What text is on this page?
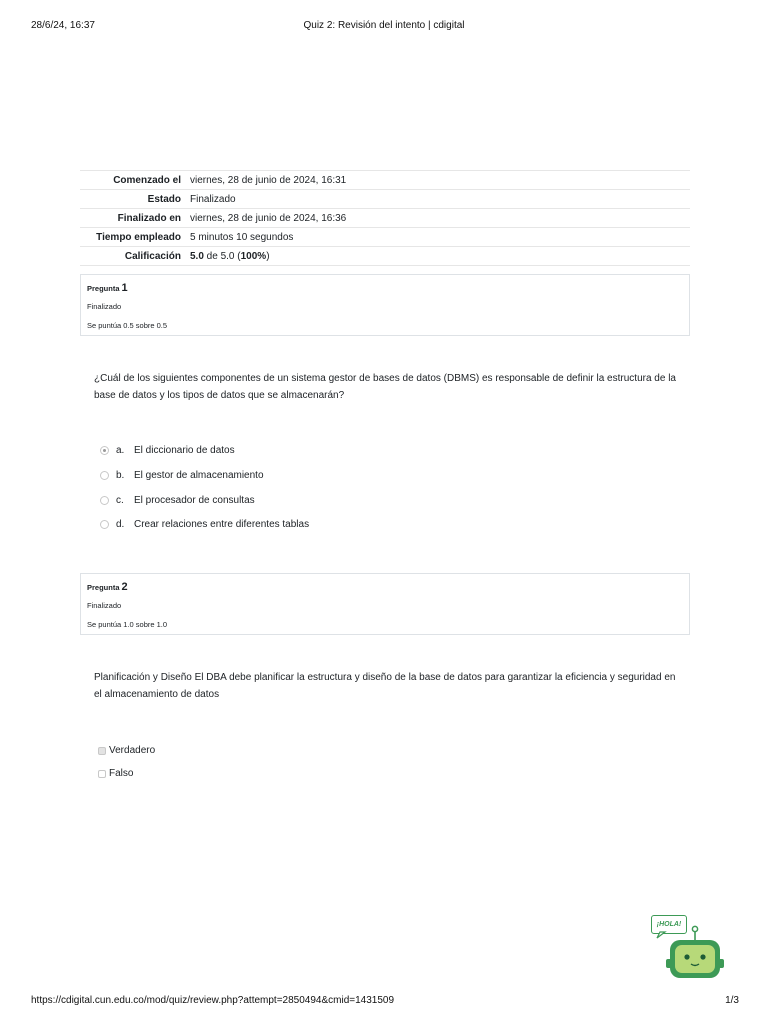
28/6/24, 16:37	Quiz 2: Revisión del intento | cdigital
Comenzado el	viernes, 28 de junio de 2024, 16:31
Estado	Finalizado
Finalizado en	viernes, 28 de junio de 2024, 16:36
Tiempo empleado	5 minutos 10 segundos
Calificación	5.0 de 5.0 (100%)
Pregunta 1
Finalizado
Se puntúa 0.5 sobre 0.5
¿Cuál de los siguientes componentes de un sistema gestor de bases de datos (DBMS) es responsable de definir la estructura de la base de datos y los tipos de datos que se almacenarán?
a. El diccionario de datos
b. El gestor de almacenamiento
c.	El procesador de consultas
d. Crear relaciones entre diferentes tablas
Pregunta 2
Finalizado
Se puntúa 1.0 sobre 1.0
Planificación y Diseño El DBA debe planificar la estructura y diseño de la base de datos para garantizar la eficiencia y seguridad en el almacenamiento de datos
Verdadero
Falso
¡HOLA!
https://cdigital.cun.edu.co/mod/quiz/review.php?attempt=2850494&cmid=1431509	1/3
